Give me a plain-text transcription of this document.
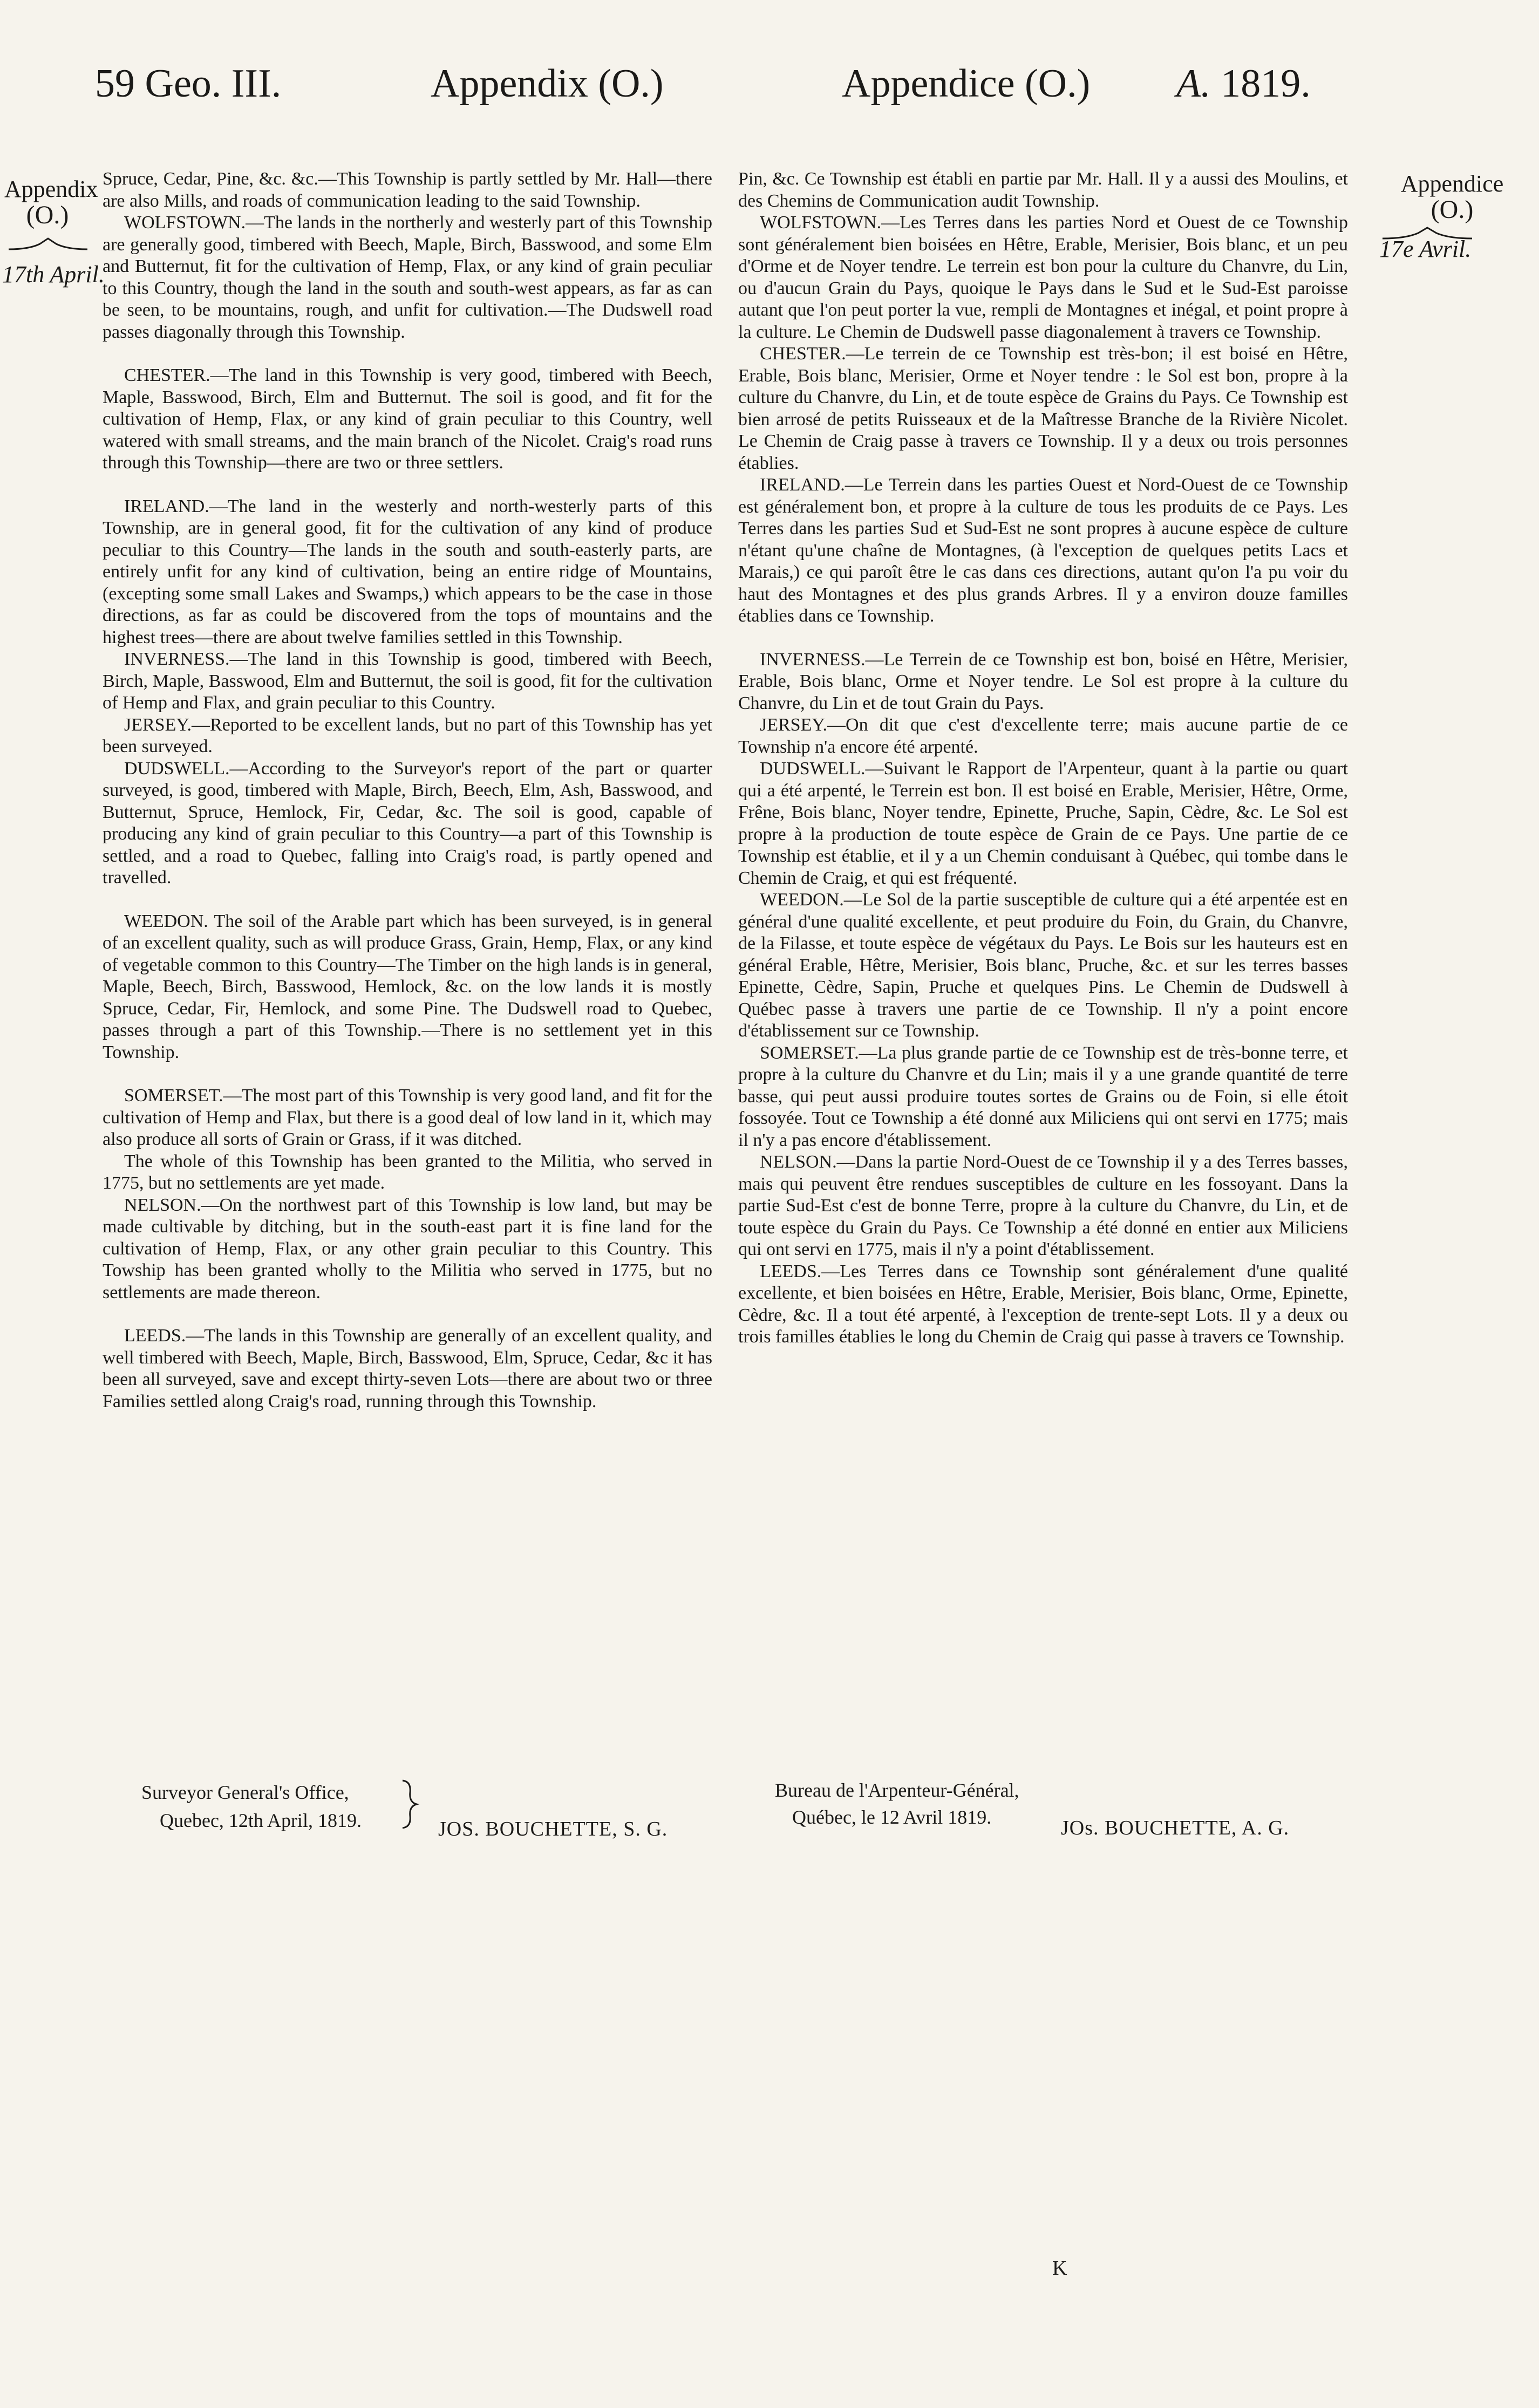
59 Geo. III.	Appendix (O.)	Appendice (O.) A. 1819.
Appendix
(O.)
17th April.
Appendice
(O.)
17e Avril.

Spruce, Cedar, Pine, &c. &c.—This Township is partly settled by Mr. Hall—there are also Mills, and roads of communication leading to the said Township.

WOLFSTOWN.—The lands in the northerly and westerly part of this Township are generally good, timbered with Beech, Maple, Birch, Basswood, and some Elm and Butternut, fit for the cultivation of Hemp, Flax, or any kind of grain peculiar to this Country, though the land in the south and south-west appears, as far as can be seen, to be mountains, rough, and unfit for cultivation.—The Dudswell road passes diagonally through this Township.

CHESTER.—The land in this Township is very good, timbered with Beech, Maple, Basswood, Birch, Elm and Butternut. The soil is good, and fit for the cultivation of Hemp, Flax, or any kind of grain peculiar to this Country, well watered with small streams, and the main branch of the Nicolet. Craig's road runs through this Township—there are two or three settlers.

IRELAND.—The land in the westerly and north-westerly parts of this Township, are in general good, fit for the cultivation of any kind of produce peculiar to this Country—The lands in the south and south-easterly parts, are entirely unfit for any kind of cultivation, being an entire ridge of Mountains, (excepting some small Lakes and Swamps,) which appears to be the case in those directions, as far as could be discovered from the tops of mountains and the highest trees—there are about twelve families settled in this Township.

INVERNESS.—The land in this Township is good, timbered with Beech, Birch, Maple, Basswood, Elm and Butternut, the soil is good, fit for the cultivation of Hemp and Flax, and grain peculiar to this Country.

JERSEY.—Reported to be excellent lands, but no part of this Township has yet been surveyed.

DUDSWELL.—According to the Surveyor's report of the part or quarter surveyed, is good, timbered with Maple, Birch, Beech, Elm, Ash, Basswood, and Butternut, Spruce, Hemlock, Fir, Cedar, &c. The soil is good, capable of producing any kind of grain peculiar to this Country—a part of this Township is settled, and a road to Quebec, falling into Craig's road, is partly opened and travelled.

WEEDON. The soil of the Arable part which has been surveyed, is in general of an excellent quality, such as will produce Grass, Grain, Hemp, Flax, or any kind of vegetable common to this Country—The Timber on the high lands is in general, Maple, Beech, Birch, Basswood, Hemlock, &c. on the low lands it is mostly Spruce, Cedar, Fir, Hemlock, and some Pine. The Dudswell road to Quebec, passes through a part of this Township.—There is no settlement yet in this Township.

SOMERSET.—The most part of this Township is very good land, and fit for the cultivation of Hemp and Flax, but there is a good deal of low land in it, which may also produce all sorts of Grain or Grass, if it was ditched.

The whole of this Township has been granted to the Militia, who served in 1775, but no settlements are yet made.

NELSON.—On the northwest part of this Township is low land, but may be made cultivable by ditching, but in the south-east part it is fine land for the cultivation of Hemp, Flax, or any other grain peculiar to this Country. This Towship has been granted wholly to the Militia who served in 1775, but no settlements are made thereon.

LEEDS.—The lands in this Township are generally of an excellent quality, and well timbered with Beech, Maple, Birch, Basswood, Elm, Spruce, Cedar, &c it has been all surveyed, save and except thirty-seven Lots—there are about two or three Families settled along Craig's road, running through this Township.

Pin, &c. Ce Township est établi en partie par Mr. Hall. Il y a aussi des Moulins, et des Chemins de Communication audit Township.

WOLFSTOWN.—Les Terres dans les parties Nord et Ouest de ce Township sont généralement bien boisées en Hêtre, Erable, Merisier, Bois blanc, et un peu d'Orme et de Noyer tendre. Le terrein est bon pour la culture du Chanvre, du Lin, ou d'aucun Grain du Pays, quoique le Pays dans le Sud et le Sud-Est paroisse autant que l'on peut porter la vue, rempli de Montagnes et inégal, et point propre à la culture. Le Chemin de Dudswell passe diagonalement à travers ce Township.

CHESTER.—Le terrein de ce Township est très-bon; il est boisé en Hêtre, Erable, Bois blanc, Merisier, Orme et Noyer tendre : le Sol est bon, propre à la culture du Chanvre, du Lin, et de toute espèce de Grains du Pays. Ce Township est bien arrosé de petits Ruisseaux et de la Maîtresse Branche de la Rivière Nicolet. Le Chemin de Craig passe à travers ce Township. Il y a deux ou trois personnes établies.

IRELAND.—Le Terrein dans les parties Ouest et Nord-Ouest de ce Township est généralement bon, et propre à la culture de tous les produits de ce Pays. Les Terres dans les parties Sud et Sud-Est ne sont propres à aucune espèce de culture n'étant qu'une chaîne de Montagnes, (à l'exception de quelques petits Lacs et Marais,) ce qui paroît être le cas dans ces directions, autant qu'on l'a pu voir du haut des Montagnes et des plus grands Arbres. Il y a environ douze familles établies dans ce Township.

INVERNESS.—Le Terrein de ce Township est bon, boisé en Hêtre, Merisier, Erable, Bois blanc, Orme et Noyer tendre. Le Sol est propre à la culture du Chanvre, du Lin et de tout Grain du Pays.

JERSEY.—On dit que c'est d'excellente terre; mais aucune partie de ce Township n'a encore été arpenté.

DUDSWELL.—Suivant le Rapport de l'Arpenteur, quant à la partie ou quart qui a été arpenté, le Terrein est bon. Il est boisé en Erable, Merisier, Hêtre, Orme, Frêne, Bois blanc, Noyer tendre, Epinette, Pruche, Sapin, Cèdre, &c. Le Sol est propre à la production de toute espèce de Grain de ce Pays. Une partie de ce Township est établie, et il y a un Chemin conduisant à Québec, qui tombe dans le Chemin de Craig, et qui est fréquenté.

WEEDON.—Le Sol de la partie susceptible de culture qui a été arpentée est en général d'une qualité excellente, et peut produire du Foin, du Grain, du Chanvre, de la Filasse, et toute espèce de végétaux du Pays. Le Bois sur les hauteurs est en général Erable, Hêtre, Merisier, Bois blanc, Pruche, &c. et sur les terres basses Epinette, Cèdre, Sapin, Pruche et quelques Pins. Le Chemin de Dudswell à Québec passe à travers une partie de ce Township. Il n'y a point encore d'établissement sur ce Township.

SOMERSET.—La plus grande partie de ce Township est de très-bonne terre, et propre à la culture du Chanvre et du Lin; mais il y a une grande quantité de terre basse, qui peut aussi produire toutes sortes de Grains ou de Foin, si elle étoit fossoyée. Tout ce Township a été donné aux Miliciens qui ont servi en 1775; mais il n'y a pas encore d'établissement.

NELSON.—Dans la partie Nord-Ouest de ce Township il y a des Terres basses, mais qui peuvent être rendues susceptibles de culture en les fossoyant. Dans la partie Sud-Est c'est de bonne Terre, propre à la culture du Chanvre, du Lin, et de toute espèce du Grain du Pays. Ce Township a été donné en entier aux Miliciens qui ont servi en 1775, mais il n'y a point d'établissement.

LEEDS.—Les Terres dans ce Township sont généralement d'une qualité excellente, et bien boisées en Hêtre, Erable, Merisier, Bois blanc, Orme, Epinette, Cèdre, &c. Il a tout été arpenté, à l'exception de trente-sept Lots. Il y a deux ou trois familles établies le long du Chemin de Craig qui passe à travers ce Township.

Surveyor General's Office,
Quebec, 12th April, 1819.	JOS. BOUCHETTE, S. G.
Bureau de l'Arpenteur-Général,
Québec, le 12 Avril 1819.	JOs. BOUCHETTE, A. G.
K
